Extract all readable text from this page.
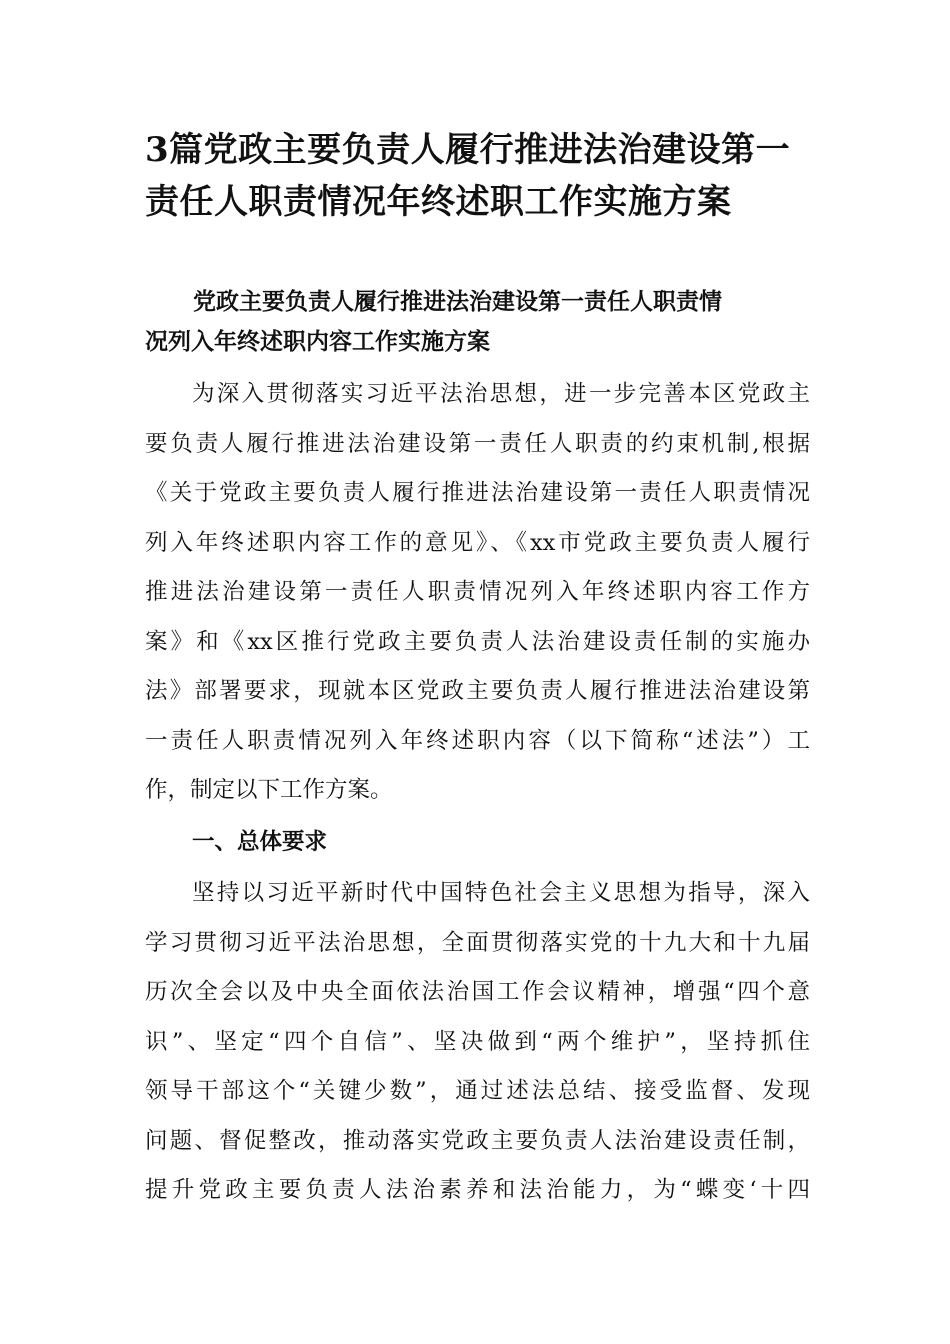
3篇党政主要负责人履行推进法治建设第一
责任人职责情况年终述职工作实施方案
党政主要负责人履行推进法治建设第一责任人职责情
况列入年终述职内容工作实施方案

为深入贯彻落实习近平法治思想，进一步完善本区党政主
要负责人履行推进法治建设第一责任人职责的约束机制,根据
《关于党政主要负责人履行推进法治建设第一责任人职责情况
列入年终述职内容工作的意见》、《xx市党政主要负责人履行
推进法治建设第一责任人职责情况列入年终述职内容工作方
案》和《xx区推行党政主要负责人法治建设责任制的实施办
法》部署要求，现就本区党政主要负责人履行推进法治建设第
一责任人职责情况列入年终述职内容（以下简称“述法”）工
作，制定以下工作方案。

一、总体要求

坚持以习近平新时代中国特色社会主义思想为指导，深入
学习贯彻习近平法治思想，全面贯彻落实党的十九大和十九届
历次全会以及中央全面依法治国工作会议精神，增强“四个意
识”、坚定“四个自信”、坚决做到“两个维护”，坚持抓住
领导干部这个“关键少数”，通过述法总结、接受监督、发现
问题、督促整改，推动落实党政主要负责人法治建设责任制，
提升党政主要负责人法治素养和法治能力，为“蝶变‘十四
